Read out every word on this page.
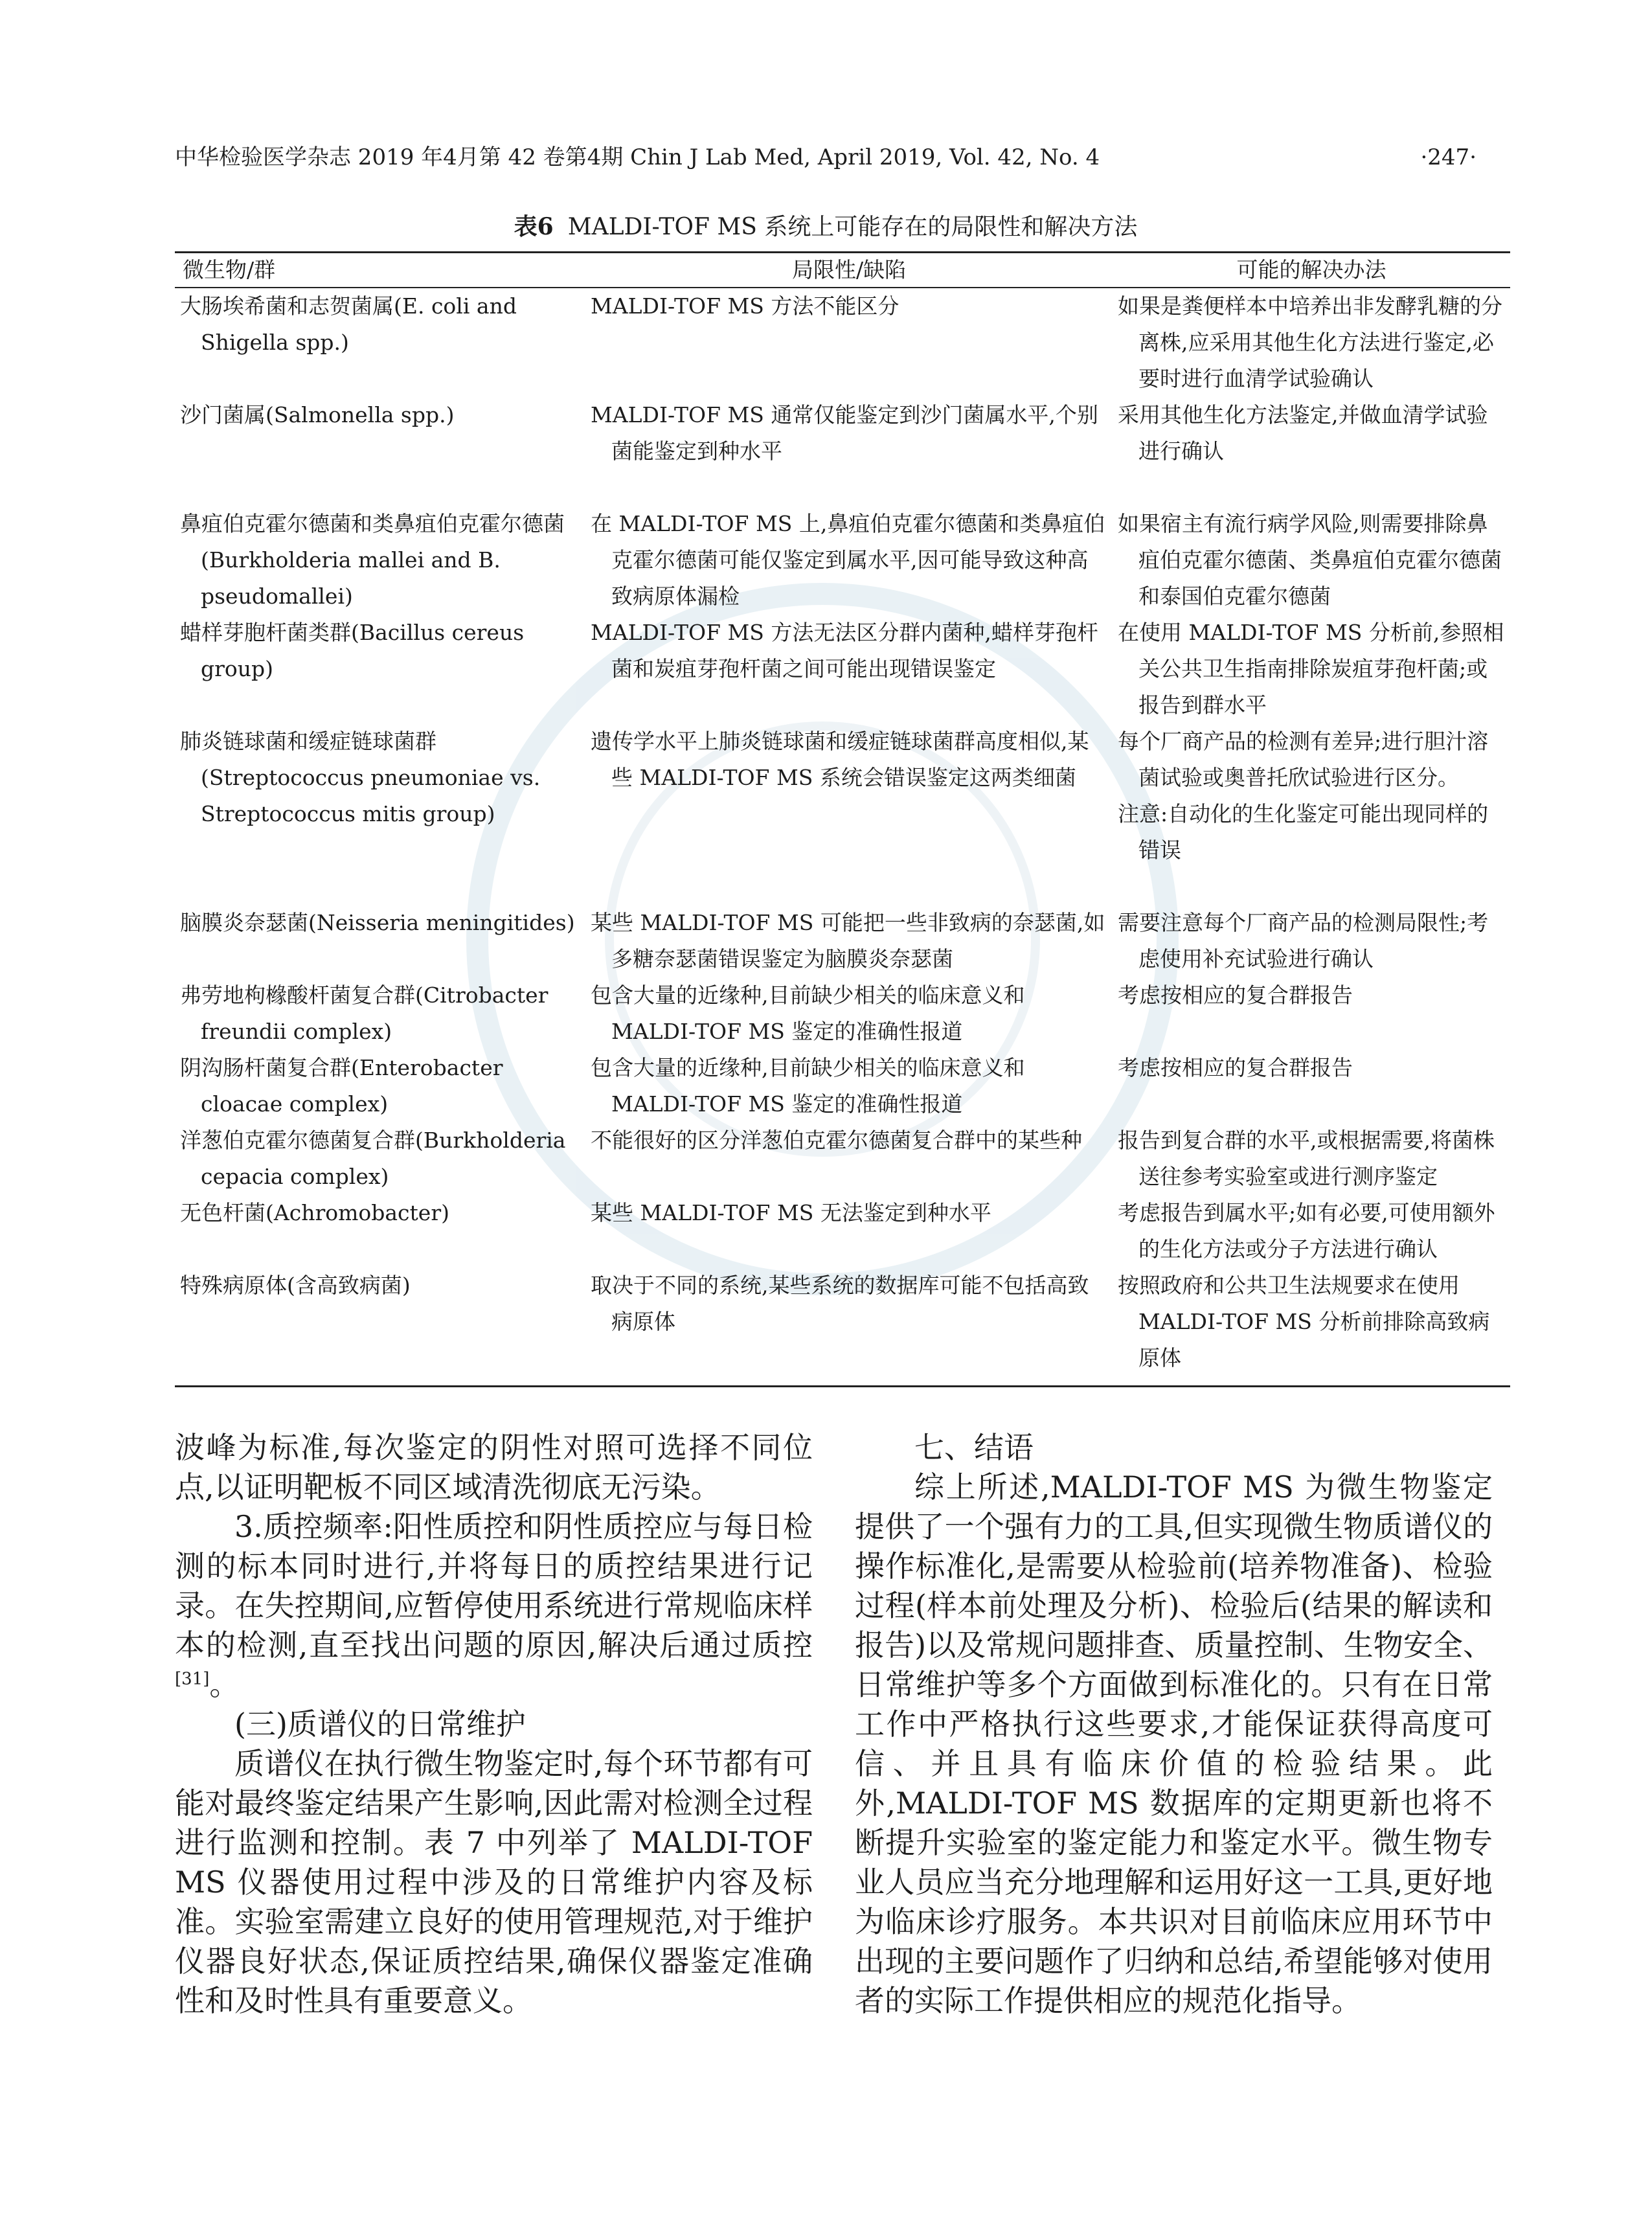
中华检验医学杂志 2019 年4月第 42 卷第4期 Chin J Lab Med, April 2019, Vol. 42, No. 4	·247·
表6 MALDI-TOF MS 系统上可能存在的局限性和解决方法
微生物/群	局限性/缺陷	可能的解决办法

大肠埃希菌和志贺菌属(E. coli and Shigella spp.)	MALDI-TOF MS 方法不能区分	如果是粪便样本中培养出非发酵乳糖的分离株,应采用其他生化方法进行鉴定,必要时进行血清学试验确认

沙门菌属(Salmonella spp.)	MALDI-TOF MS 通常仅能鉴定到沙门菌属水平,个别菌能鉴定到种水平	采用其他生化方法鉴定,并做血清学试验进行确认

鼻疽伯克霍尔德菌和类鼻疽伯克霍尔德菌(Burkholderia mallei and B. pseudomallei)	在 MALDI-TOF MS 上,鼻疽伯克霍尔德菌和类鼻疽伯克霍尔德菌可能仅鉴定到属水平,因可能导致这种高致病原体漏检	如果宿主有流行病学风险,则需要排除鼻疽伯克霍尔德菌、类鼻疽伯克霍尔德菌和泰国伯克霍尔德菌

蜡样芽胞杆菌类群(Bacillus cereus group)	MALDI-TOF MS 方法无法区分群内菌种,蜡样芽孢杆菌和炭疽芽孢杆菌之间可能出现错误鉴定	在使用 MALDI-TOF MS 分析前,参照相关公共卫生指南排除炭疽芽孢杆菌;或报告到群水平

肺炎链球菌和缓症链球菌群(Streptococcus pneumoniae vs. Streptococcus mitis group)	遗传学水平上肺炎链球菌和缓症链球菌群高度相似,某些 MALDI-TOF MS 系统会错误鉴定这两类细菌	每个厂商产品的检测有差异;进行胆汁溶菌试验或奥普托欣试验进行区分。
注意:自动化的生化鉴定可能出现同样的错误

脑膜炎奈瑟菌(Neisseria meningitides)	某些 MALDI-TOF MS 可能把一些非致病的奈瑟菌,如多糖奈瑟菌错误鉴定为脑膜炎奈瑟菌	需要注意每个厂商产品的检测局限性;考虑使用补充试验进行确认

弗劳地枸橼酸杆菌复合群(Citrobacter freundii complex)	包含大量的近缘种,目前缺少相关的临床意义和MALDI-TOF MS 鉴定的准确性报道	考虑按相应的复合群报告

阴沟肠杆菌复合群(Enterobacter cloacae complex)	包含大量的近缘种,目前缺少相关的临床意义和MALDI-TOF MS 鉴定的准确性报道	考虑按相应的复合群报告

洋葱伯克霍尔德菌复合群(Burkholderia cepacia complex)	不能很好的区分洋葱伯克霍尔德菌复合群中的某些种	报告到复合群的水平,或根据需要,将菌株送往参考实验室或进行测序鉴定

无色杆菌(Achromobacter)	某些 MALDI-TOF MS 无法鉴定到种水平	考虑报告到属水平;如有必要,可使用额外的生化方法或分子方法进行确认

特殊病原体(含高致病菌)	取决于不同的系统,某些系统的数据库可能不包括高致病原体	按照政府和公共卫生法规要求在使用 MALDI-TOF MS 分析前排除高致病原体

波峰为标准,每次鉴定的阴性对照可选择不同位点,以证明靶板不同区域清洗彻底无污染。

3.质控频率:阳性质控和阴性质控应与每日检测的标本同时进行,并将每日的质控结果进行记录。在失控期间,应暂停使用系统进行常规临床样本的检测,直至找出问题的原因,解决后通过质控[31]。

(三)质谱仪的日常维护

质谱仪在执行微生物鉴定时,每个环节都有可能对最终鉴定结果产生影响,因此需对检测全过程进行监测和控制。表 7 中列举了 MALDI-TOF MS 仪器使用过程中涉及的日常维护内容及标准。实验室需建立良好的使用管理规范,对于维护仪器良好状态,保证质控结果,确保仪器鉴定准确性和及时性具有重要意义。

七、结语

综上所述,MALDI-TOF MS 为微生物鉴定提供了一个强有力的工具,但实现微生物质谱仪的操作标准化,是需要从检验前(培养物准备)、检验过程(样本前处理及分析)、检验后(结果的解读和报告)以及常规问题排查、质量控制、生物安全、日常维护等多个方面做到标准化的。只有在日常工作中严格执行这些要求,才能保证获得高度可信、并且具有临床价值的检验结果。此外,MALDI-TOF MS 数据库的定期更新也将不断提升实验室的鉴定能力和鉴定水平。微生物专业人员应当充分地理解和运用好这一工具,更好地为临床诊疗服务。本共识对目前临床应用环节中出现的主要问题作了归纳和总结,希望能够对使用者的实际工作提供相应的规范化指导。
